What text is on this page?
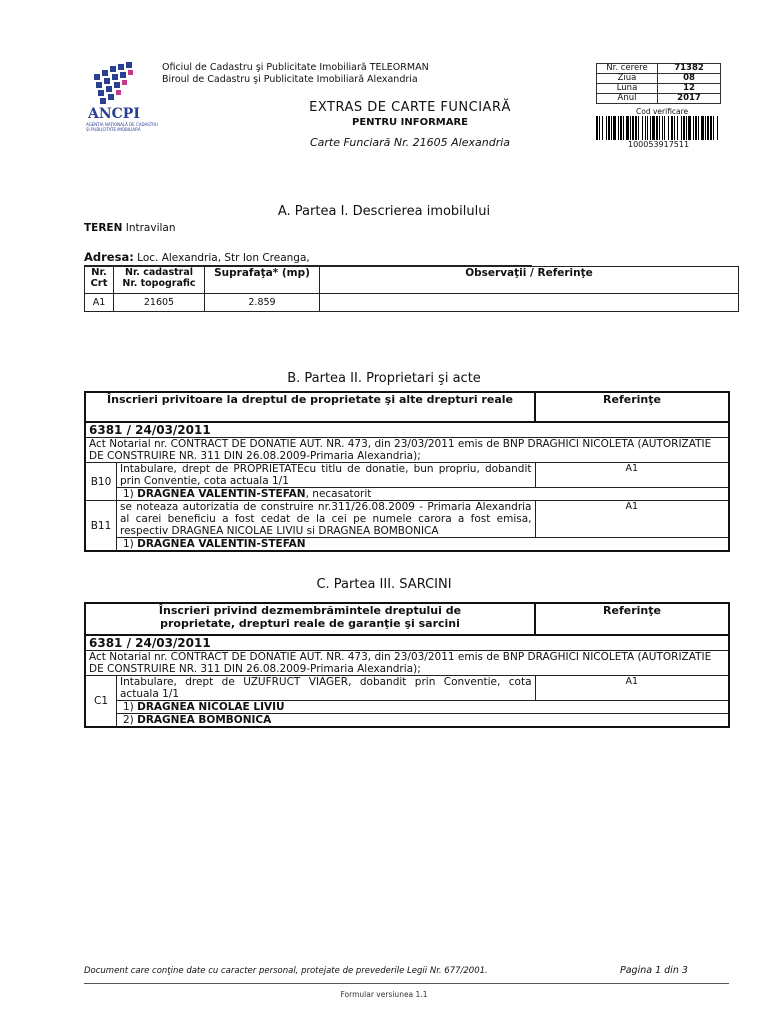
ANCPI
AGENȚIA NAȚIONALĂ DE CADASTRU ȘI PUBLICITATE IMOBILIARĂ
Oficiul de Cadastru şi Publicitate Imobiliară TELEORMAN
Biroul de Cadastru şi Publicitate Imobiliară Alexandria
EXTRAS DE CARTE FUNCIARĂ
PENTRU INFORMARE
Carte Funciară Nr. 21605 Alexandria
Nr. cerere	71382
Ziua	08
Luna	12
Anul	2017
Cod verificare
100053917511
A. Partea I. Descrierea imobilului
TEREN Intravilan
Adresa: Loc. Alexandria, Str Ion Creanga,
Nr. Crt	Nr. cadastral Nr. topografic	Suprafaţa* (mp)	Observaţii / Referinţe
A1	21605	2.859	
B. Partea II. Proprietari şi acte
Înscrieri privitoare la dreptul de proprietate şi alte drepturi reale		Referinţe
6381 / 24/03/2011		
Act Notarial nr. CONTRACT DE DONATIE AUT. NR. 473, din 23/03/2011 emis de BNP DRAGHICI NICOLETA (AUTORIZATIE DE CONSTRUIRE NR. 311 DIN 26.08.2009-Primaria Alexandria);		
B10	Intabulare, drept de PROPRIETATEcu titlu de donatie, bun propriu, dobandit prin Conventie, cota actuala 1/1	A1
	1) DRAGNEA VALENTIN-STEFAN, necasatorit	
B11	se noteaza autorizatia de construire nr.311/26.08.2009 - Primaria Alexandria al carei beneficiu a fost cedat de la cei pe numele carora a fost emisa, respectiv DRAGNEA NICOLAE LIVIU si DRAGNEA BOMBONICA	A1
	1) DRAGNEA VALENTIN-STEFAN	
C. Partea III. SARCINI
Înscrieri privind dezmembrămintele dreptului de proprietate, drepturi reale de garanţie şi sarcini		Referinţe
6381 / 24/03/2011		
Act Notarial nr. CONTRACT DE DONATIE AUT. NR. 473, din 23/03/2011 emis de BNP DRAGHICI NICOLETA (AUTORIZATIE DE CONSTRUIRE NR. 311 DIN 26.08.2009-Primaria Alexandria);		
C1	Intabulare, drept de UZUFRUCT VIAGER, dobandit prin Conventie, cota actuala 1/1	A1
	1) DRAGNEA NICOLAE LIVIU	
	2) DRAGNEA BOMBONICA	
Document care conţine date cu caracter personal, protejate de prevederile Legii Nr. 677/2001.	Pagina 1 din 3
Formular versiunea 1.1
